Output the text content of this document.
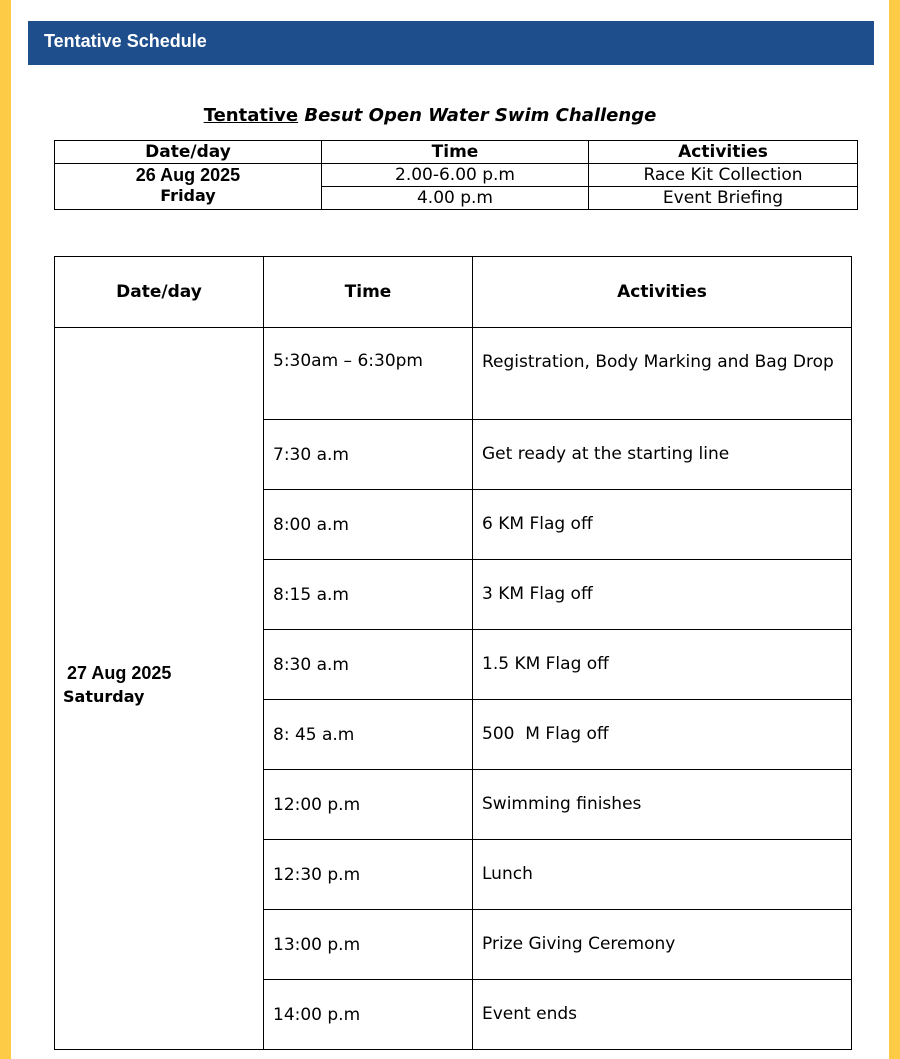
Tentative Schedule
Tentative Besut Open Water Swim Challenge
Date/day	Time	Activities

26 Aug 2025
Friday	2.00-6.00 p.m	Race Kit Collection
	4.00 p.m	Event Briefing
Date/day	Time	Activities

27 Aug 2025
Saturday	5:30am – 6:30pm	Registration, Body Marking and Bag Drop
	7:30 a.m	Get ready at the starting line
	8:00 a.m	6 KM Flag off
	8:15 a.m	3 KM Flag off
	8:30 a.m	1.5 KM Flag off
	8: 45 a.m	500  M Flag off
	12:00 p.m	Swimming finishes
	12:30 p.m	Lunch
	13:00 p.m	Prize Giving Ceremony
	14:00 p.m	Event ends
